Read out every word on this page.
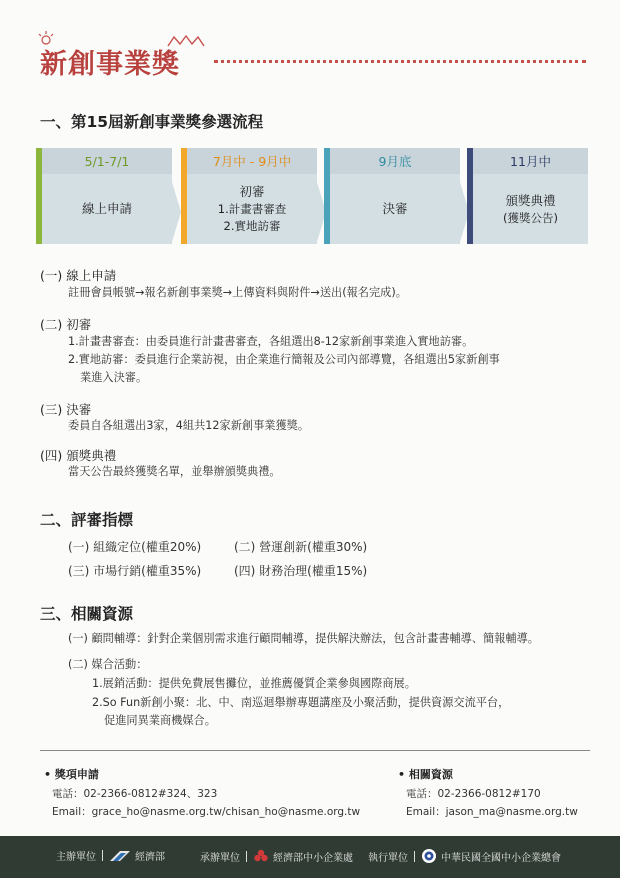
新創事業獎
一、第15屆新創事業獎參選流程
5/1-7/1
線上申請
7月中 - 9月中
初審
1.計畫書審查
2.實地訪審
9月底
決審
11月中
頒獎典禮
(獲獎公告)
(一) 線上申請
註冊會員帳號→報名新創事業獎→上傳資料與附件→送出(報名完成)。
(二) 初審
1.計畫書審查：由委員進行計畫書審查，各組選出8-12家新創事業進入實地訪審。
2.實地訪審：委員進行企業訪視，由企業進行簡報及公司內部導覽，各組選出5家新創事
業進入決審。
(三) 決審
委員自各組選出3家，4組共12家新創事業獲獎。
(四) 頒獎典禮
當天公告最終獲獎名單，並舉辦頒獎典禮。
二、評審指標
(一) 組織定位(權重20%)	(二) 營運創新(權重30%)
(三) 市場行銷(權重35%)	(四) 財務治理(權重15%)
三、相關資源
(一) 顧問輔導：針對企業個別需求進行顧問輔導，提供解決辦法，包含計畫書輔導、簡報輔導。
(二) 媒合活動：
1.展銷活動：提供免費展售攤位，並推薦優質企業參與國際商展。
2.So Fun新創小聚：北、中、南巡迴舉辦專題講座及小聚活動，提供資源交流平台，
促進同異業商機媒合。
• 獎項申請
電話：02-2366-0812#324、323
Email：grace_ho@nasme.org.tw/chisan_ho@nasme.org.tw
• 相關資源
電話：02-2366-0812#170
Email：jason_ma@nasme.org.tw
主辦單位	經濟部	承辦單位	經濟部中小企業處 執行單位	中華民國全國中小企業總會
